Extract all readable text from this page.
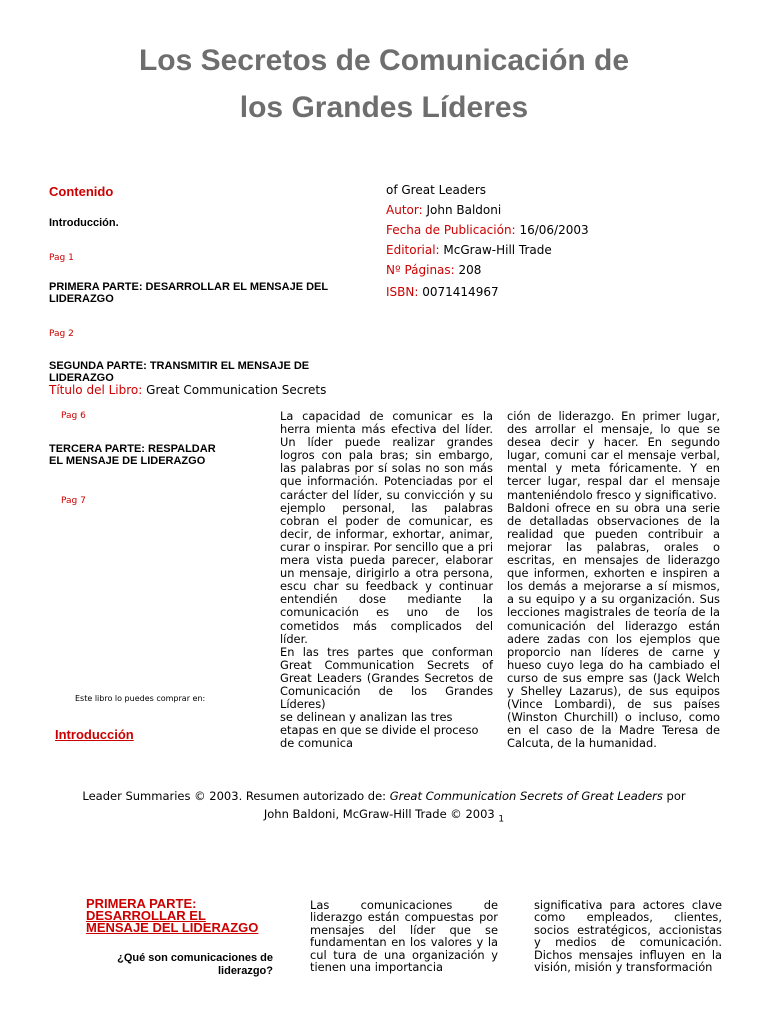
Los Secretos de Comunicación de
los Grandes Líderes
Contenido
Introducción.
Pag 1
PRIMERA PARTE: DESARROLLAR EL MENSAJE DEL LIDERAZGO
Pag 2
SEGUNDA PARTE: TRANSMITIR EL MENSAJE DE LIDERAZGO
Título del Libro: Great Communication Secrets
of Great Leaders
Autor: John Baldoni
Fecha de Publicación: 16/06/2003
Editorial: McGraw-Hill Trade
Nº Páginas: 208
ISBN: 0071414967
Pag 6
TERCERA PARTE: RESPALDAR
EL MENSAJE DE LIDERAZGO
Pag 7
Este libro lo puedes comprar en:
Introducción

La capacidad de comunicar es la herra mienta más efectiva del líder. Un líder puede realizar grandes logros con pala bras; sin embargo, las palabras por sí solas no son más que información. Potenciadas por el carácter del líder, su convicción y su ejemplo personal, las palabras cobran el poder de comunicar, es decir, de informar, exhortar, animar, curar o inspirar. Por sencillo que a pri mera vista pueda parecer, elaborar un mensaje, dirigirlo a otra persona, escu char su feedback y continuar entendién dose mediante la comunicación es uno de los cometidos más complicados del líder.

En las tres partes que conforman Great Communication Secrets of Great Leaders (Grandes Secretos de Comunicación de los Grandes Líderes)

se delinean y analizan las tres etapas en que se divide el proceso de comunica

ción de liderazgo. En primer lugar, des arrollar el mensaje, lo que se desea decir y hacer. En segundo lugar, comuni car el mensaje verbal, mental y meta fóricamente. Y en tercer lugar, respal dar el mensaje manteniéndolo fresco y significativo.

Baldoni ofrece en su obra una serie de detalladas observaciones de la realidad que pueden contribuir a mejorar las palabras, orales o escritas, en mensajes de liderazgo que informen, exhorten e inspiren a los demás a mejorarse a sí mismos, a su equipo y a su organización. Sus lecciones magistrales de teoría de la comunicación del liderazgo están adere zadas con los ejemplos que proporcio nan líderes de carne y hueso cuyo lega do ha cambiado el curso de sus empre sas (Jack Welch y Shelley Lazarus), de sus equipos (Vince Lombardi), de sus países (Winston Churchill) o incluso, como en el caso de la Madre Teresa de Calcuta, de la humanidad.

Leader Summaries © 2003. Resumen autorizado de: Great Communication Secrets of Great Leaders por
John Baldoni, McGraw-Hill Trade © 2003 $_1$
PRIMERA PARTE:
DESARROLLAR EL
MENSAJE DEL LIDERAZGO
¿Qué son comunicaciones de liderazgo?
Las comunicaciones de liderazgo están compuestas por mensajes del líder que se fundamentan en los valores y la cul tura de una organización y tienen una importancia
significativa para actores clave como empleados, clientes, socios estratégicos, accionistas y medios de comunicación. Dichos mensajes influyen en la visión, misión y transformación
